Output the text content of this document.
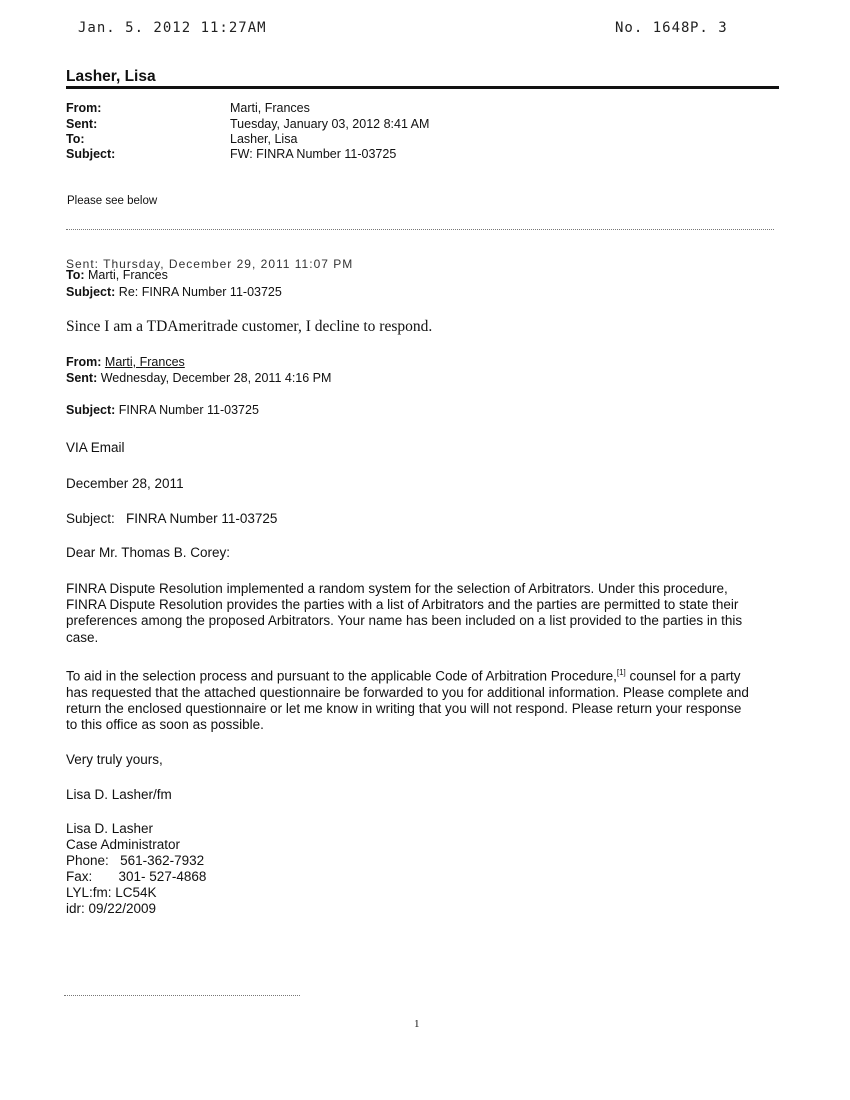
Jan. 5. 2012 11:27AM	No. 1648 P. 3
Lasher, Lisa
From:	Marti, Frances
Sent:	Tuesday, January 03, 2012 8:41 AM
To:	Lasher, Lisa
Subject:	FW: FINRA Number 11-03725
Please see below
Sent: Thursday, December 29, 2011 11:07 PM
To: Marti, Frances
Subject: Re: FINRA Number 11-03725
Since I am a TDAmeritrade customer, I decline to respond.
From: Marti, Frances
Sent: Wednesday, December 28, 2011 4:16 PM
Subject: FINRA Number 11-03725
VIA Email
December 28, 2011
Subject: FINRA Number 11-03725
Dear Mr. Thomas B. Corey:
FINRA Dispute Resolution implemented a random system for the selection of Arbitrators. Under this procedure, FINRA Dispute Resolution provides the parties with a list of Arbitrators and the parties are permitted to state their preferences among the proposed Arbitrators. Your name has been included on a list provided to the parties in this case.
To aid in the selection process and pursuant to the applicable Code of Arbitration Procedure,[1] counsel for a party has requested that the attached questionnaire be forwarded to you for additional information. Please complete and return the enclosed questionnaire or let me know in writing that you will not respond. Please return your response to this office as soon as possible.
Very truly yours,
Lisa D. Lasher/fm
Lisa D. Lasher
Case Administrator
Phone: 561-362-7932
Fax: 301- 527-4868
LYL:fm: LC54K
idr: 09/22/2009
1
